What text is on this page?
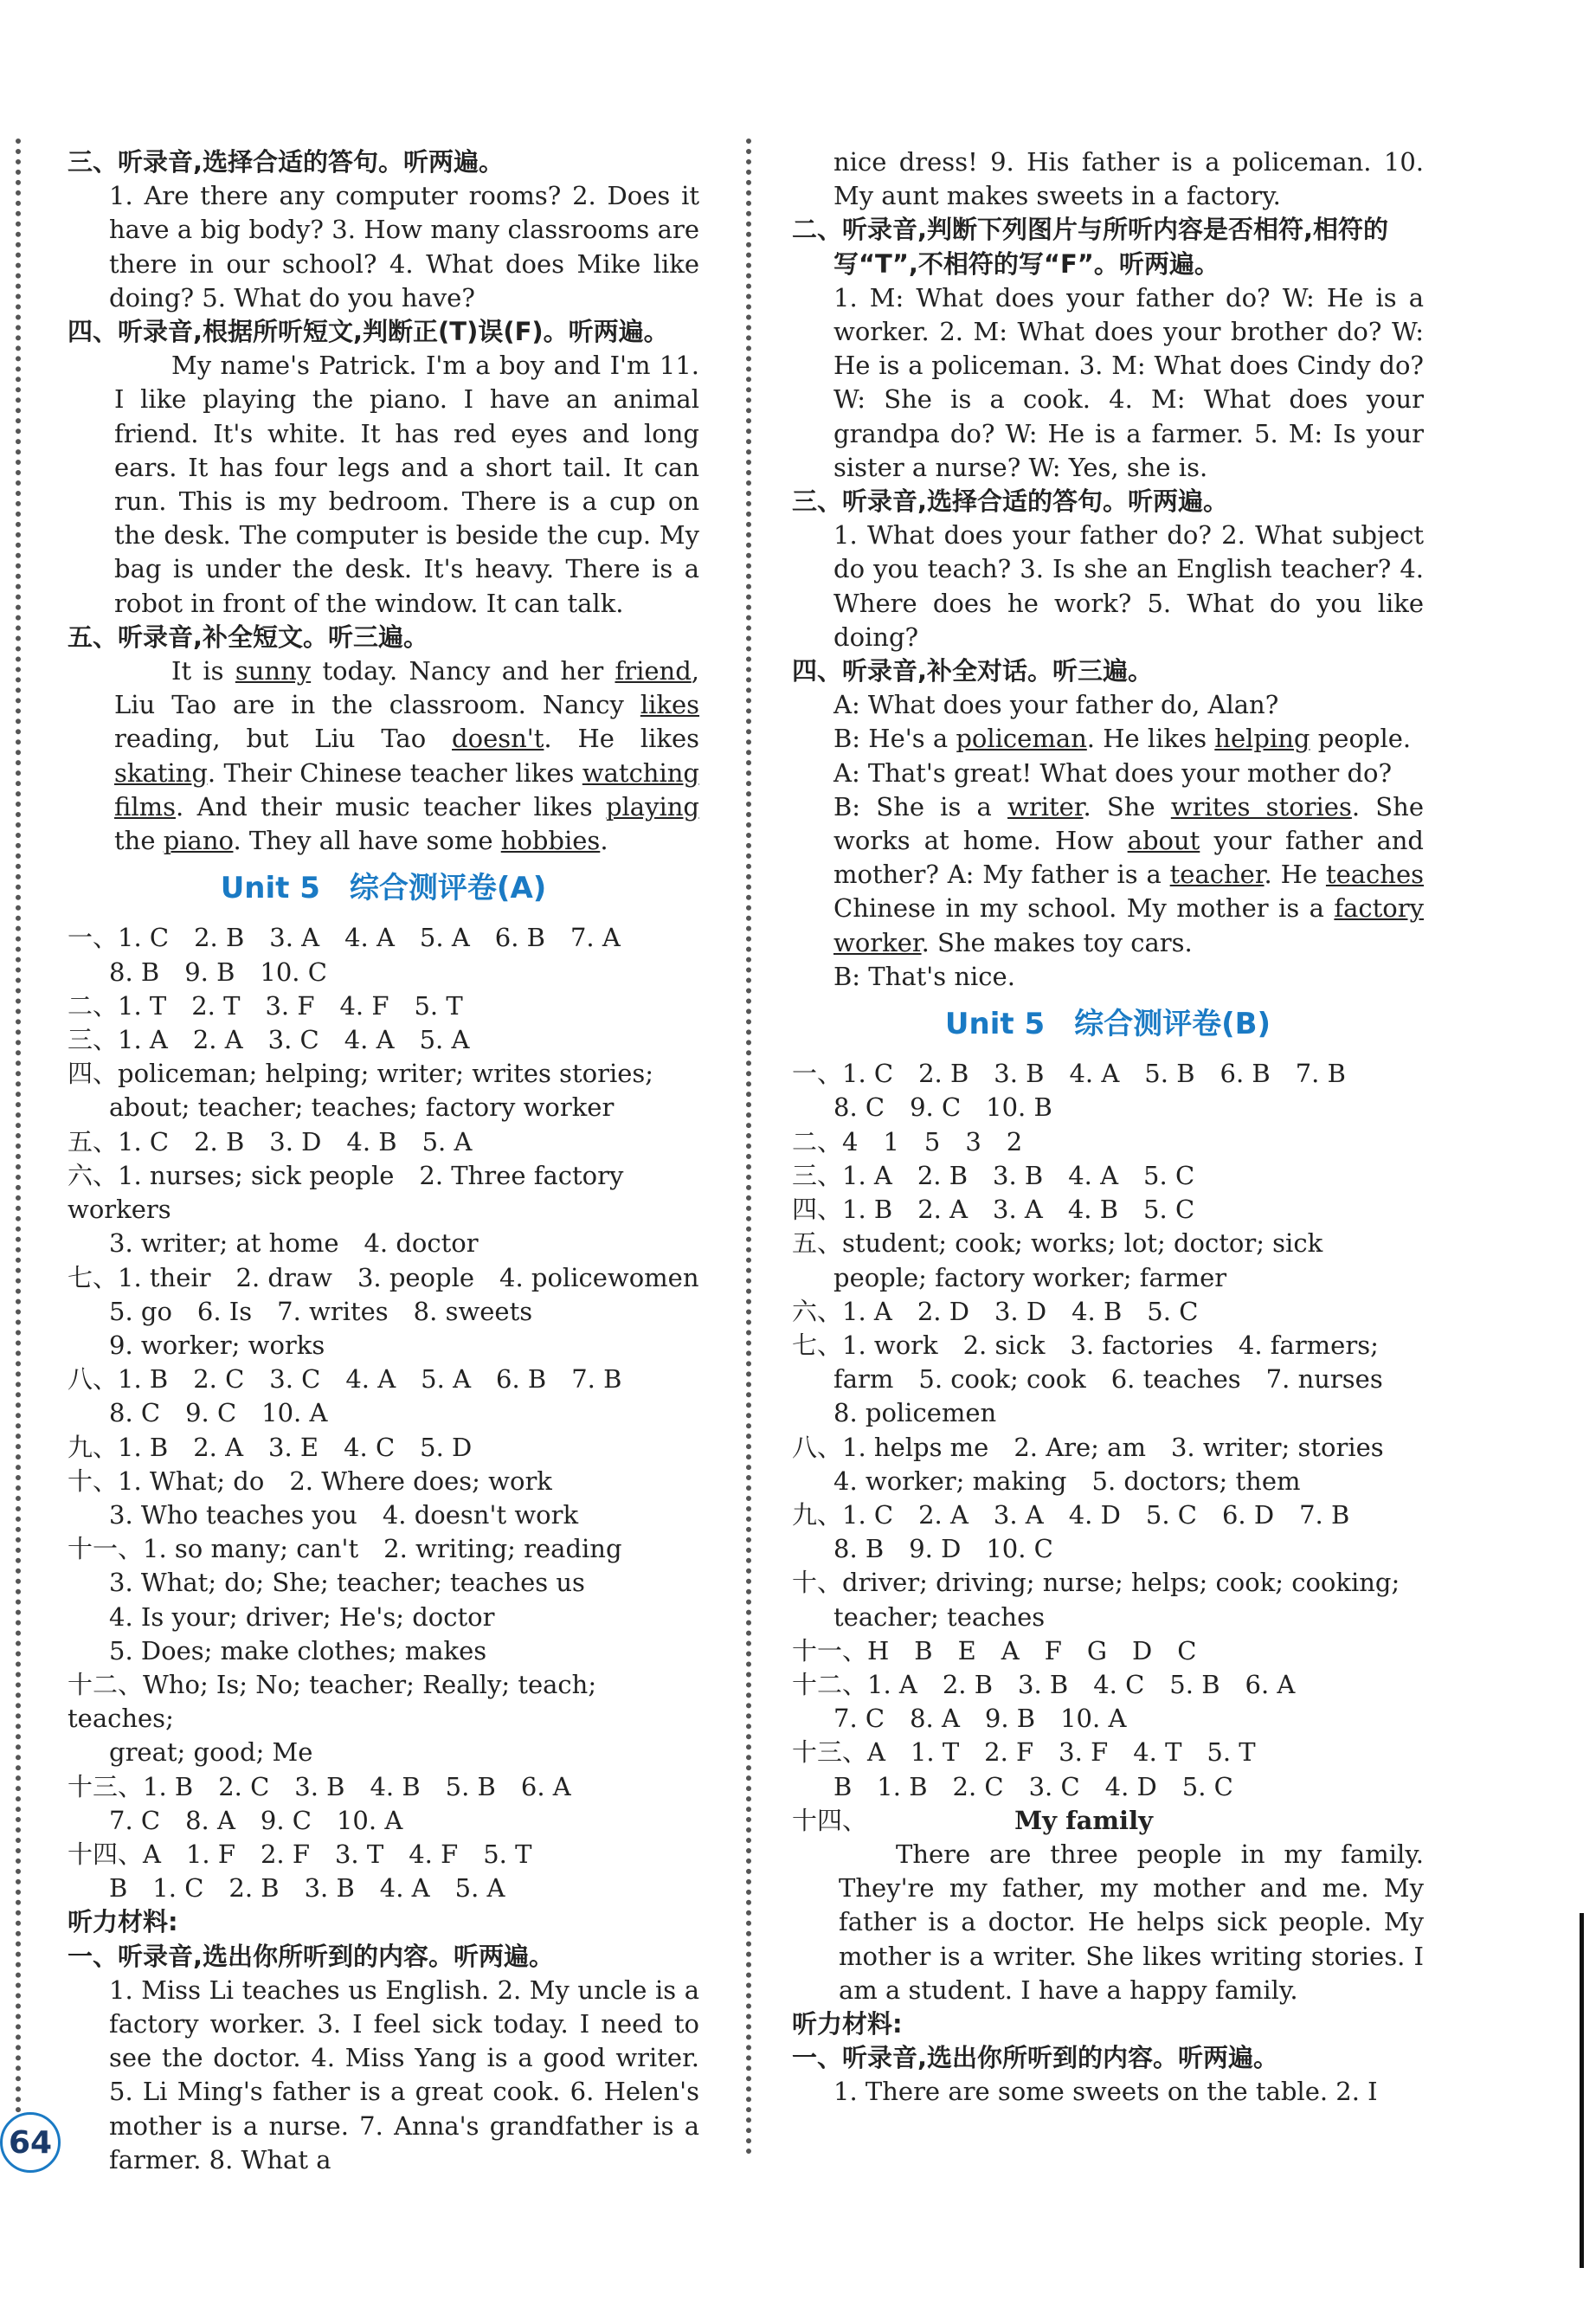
三、听录音,选择合适的答句。听两遍。

1. Are there any computer rooms? 2. Does it have a big body? 3. How many classrooms are there in our school? 4. What does Mike like doing? 5. What do you have?

四、听录音,根据所听短文,判断正(T)误(F)。听两遍。

My name's Patrick. I'm a boy and I'm 11. I like playing the piano. I have an animal friend. It's white. It has red eyes and long ears. It has four legs and a short tail. It can run. This is my bedroom. There is a cup on the desk. The computer is beside the cup. My bag is under the desk. It's heavy. There is a robot in front of the window. It can talk.

五、听录音,补全短文。听三遍。

It is sunny today. Nancy and her friend, Liu Tao are in the classroom. Nancy likes reading, but Liu Tao doesn't. He likes skating. Their Chinese teacher likes watching films. And their music teacher likes playing the piano. They all have some hobbies.

Unit 5　综合测评卷(A)

一、1. C　2. B　3. A　4. A　5. A　6. B　7. A

8. B　9. B　10. C

二、1. T　2. T　3. F　4. F　5. T

三、1. A　2. A　3. C　4. A　5. A

四、policeman; helping; writer; writes stories;

about; teacher; teaches; factory worker

五、1. C　2. B　3. D　4. B　5. A

六、1. nurses; sick people　2. Three factory workers

3. writer; at home　4. doctor

七、1. their　2. draw　3. people　4. policewomen

5. go　6. Is　7. writes　8. sweets

9. worker; works

八、1. B　2. C　3. C　4. A　5. A　6. B　7. B

8. C　9. C　10. A

九、1. B　2. A　3. E　4. C　5. D

十、1. What; do　2. Where does; work

3. Who teaches you　4. doesn't work

十一、1. so many; can't　2. writing; reading

3. What; do; She; teacher; teaches us

4. Is your; driver; He's; doctor

5. Does; make clothes; makes

十二、Who; Is; No; teacher; Really; teach; teaches;

great; good; Me

十三、1. B　2. C　3. B　4. B　5. B　6. A

7. C　8. A　9. C　10. A

十四、A　1. F　2. F　3. T　4. F　5. T

B　1. C　2. B　3. B　4. A　5. A

听力材料:

一、听录音,选出你所听到的内容。听两遍。

1. Miss Li teaches us English. 2. My uncle is a factory worker. 3. I feel sick today. I need to see the doctor. 4. Miss Yang is a good writer. 5. Li Ming's father is a great cook. 6. Helen's mother is a nurse. 7. Anna's grandfather is a farmer. 8. What a

nice dress! 9. His father is a policeman. 10. My aunt makes sweets in a factory.

二、听录音,判断下列图片与所听内容是否相符,相符的写“T”,不相符的写“F”。听两遍。

1. M: What does your father do? W: He is a worker. 2. M: What does your brother do? W: He is a policeman. 3. M: What does Cindy do? W: She is a cook. 4. M: What does your grandpa do? W: He is a farmer. 5. M: Is your sister a nurse? W: Yes, she is.

三、听录音,选择合适的答句。听两遍。

1. What does your father do? 2. What subject do you teach? 3. Is she an English teacher? 4. Where does he work? 5. What do you like doing?

四、听录音,补全对话。听三遍。

A: What does your father do, Alan?

B: He's a policeman. He likes helping people.

A: That's great! What does your mother do?

B: She is a writer. She writes stories. She works at home. How about your father and mother? A: My father is a teacher. He teaches Chinese in my school. My mother is a factory worker. She makes toy cars.

B: That's nice.

Unit 5　综合测评卷(B)

一、1. C　2. B　3. B　4. A　5. B　6. B　7. B

8. C　9. C　10. B

二、4　1　5　3　2

三、1. A　2. B　3. B　4. A　5. C

四、1. B　2. A　3. A　4. B　5. C

五、student; cook; works; lot; doctor; sick

people; factory worker; farmer

六、1. A　2. D　3. D　4. B　5. C

七、1. work　2. sick　3. factories　4. farmers;

farm　5. cook; cook　6. teaches　7. nurses

8. policemen

八、1. helps me　2. Are; am　3. writer; stories

4. worker; making　5. doctors; them

九、1. C　2. A　3. A　4. D　5. C　6. D　7. B

8. B　9. D　10. C

十、driver; driving; nurse; helps; cook; cooking;

teacher; teaches

十一、H　B　E　A　F　G　D　C

十二、1. A　2. B　3. B　4. C　5. B　6. A

7. C　8. A　9. B　10. A

十三、A　1. T　2. F　3. F　4. T　5. T

B　1. B　2. C　3. C　4. D　5. C

十四、	My family

There are three people in my family. They're my father, my mother and me. My father is a doctor. He helps sick people. My mother is a writer. She likes writing stories. I am a student. I have a happy family.

听力材料:

一、听录音,选出你所听到的内容。听两遍。

1. There are some sweets on the table. 2. I

64
